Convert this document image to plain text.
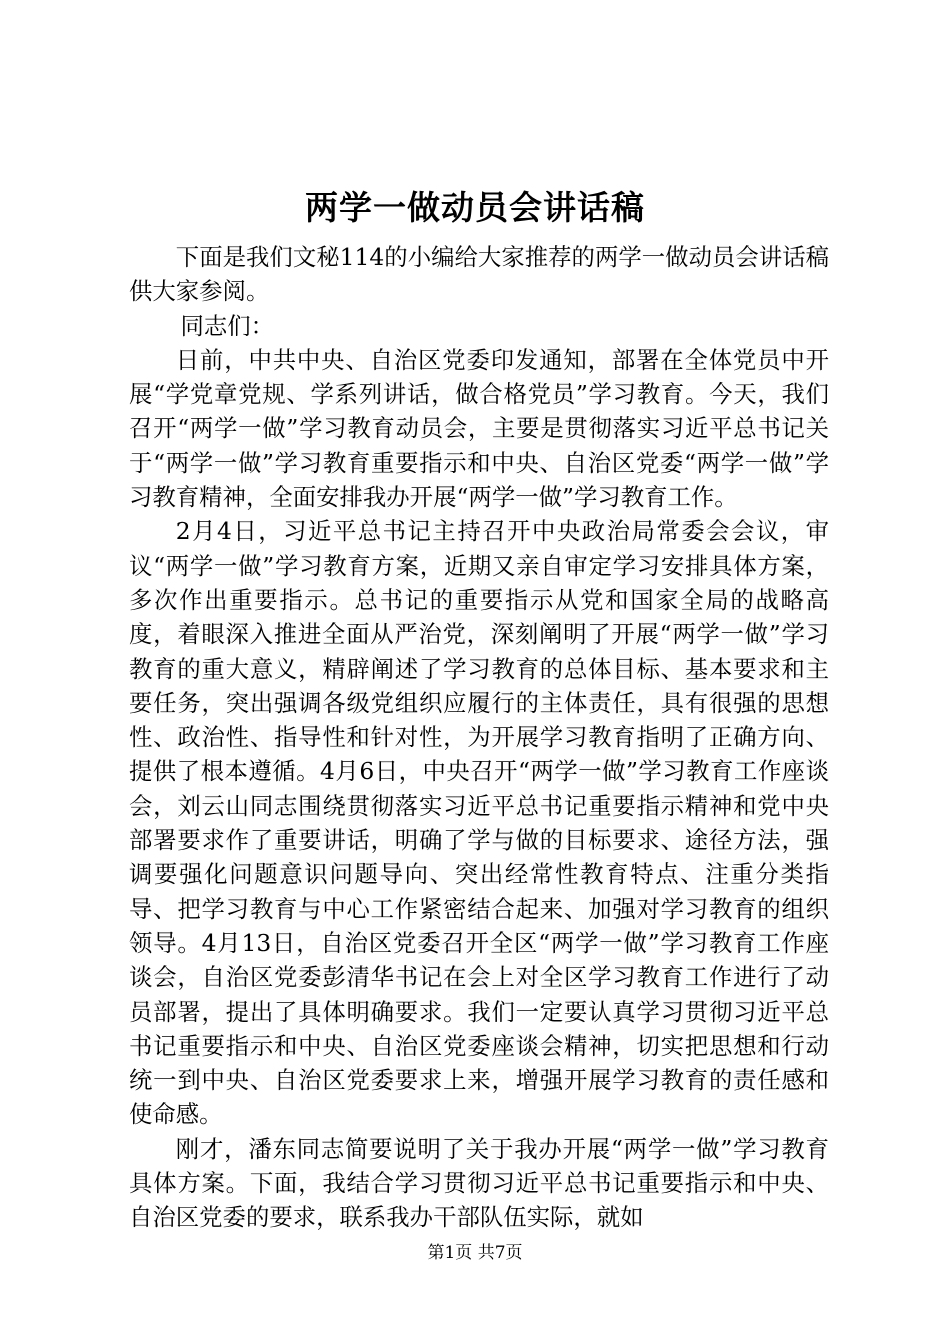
两学一做动员会讲话稿

下面是我们文秘114的小编给大家推荐的两学一做动员会讲话稿供大家参阅。

同志们：

日前，中共中央、自治区党委印发通知，部署在全体党员中开展“学党章党规、学系列讲话，做合格党员”学习教育。今天，我们召开“两学一做”学习教育动员会，主要是贯彻落实习近平总书记关于“两学一做”学习教育重要指示和中央、自治区党委“两学一做”学习教育精神，全面安排我办开展“两学一做”学习教育工作。

2月4日，习近平总书记主持召开中央政治局常委会会议，审议“两学一做”学习教育方案，近期又亲自审定学习安排具体方案，多次作出重要指示。总书记的重要指示从党和国家全局的战略高度，着眼深入推进全面从严治党，深刻阐明了开展“两学一做”学习教育的重大意义，精辟阐述了学习教育的总体目标、基本要求和主要任务，突出强调各级党组织应履行的主体责任，具有很强的思想性、政治性、指导性和针对性，为开展学习教育指明了正确方向、提供了根本遵循。4月6日，中央召开“两学一做”学习教育工作座谈会，刘云山同志围绕贯彻落实习近平总书记重要指示精神和党中央部署要求作了重要讲话，明确了学与做的目标要求、途径方法，强调要强化问题意识问题导向、突出经常性教育特点、注重分类指导、把学习教育与中心工作紧密结合起来、加强对学习教育的组织领导。4月13日，自治区党委召开全区“两学一做”学习教育工作座谈会，自治区党委彭清华书记在会上对全区学习教育工作进行了动员部署，提出了具体明确要求。我们一定要认真学习贯彻习近平总书记重要指示和中央、自治区党委座谈会精神，切实把思想和行动统一到中央、自治区党委要求上来，增强开展学习教育的责任感和使命感。

刚才，潘东同志简要说明了关于我办开展“两学一做”学习教育具体方案。下面，我结合学习贯彻习近平总书记重要指示和中央、自治区党委的要求，联系我办干部队伍实际，就如

第1页 共7页
